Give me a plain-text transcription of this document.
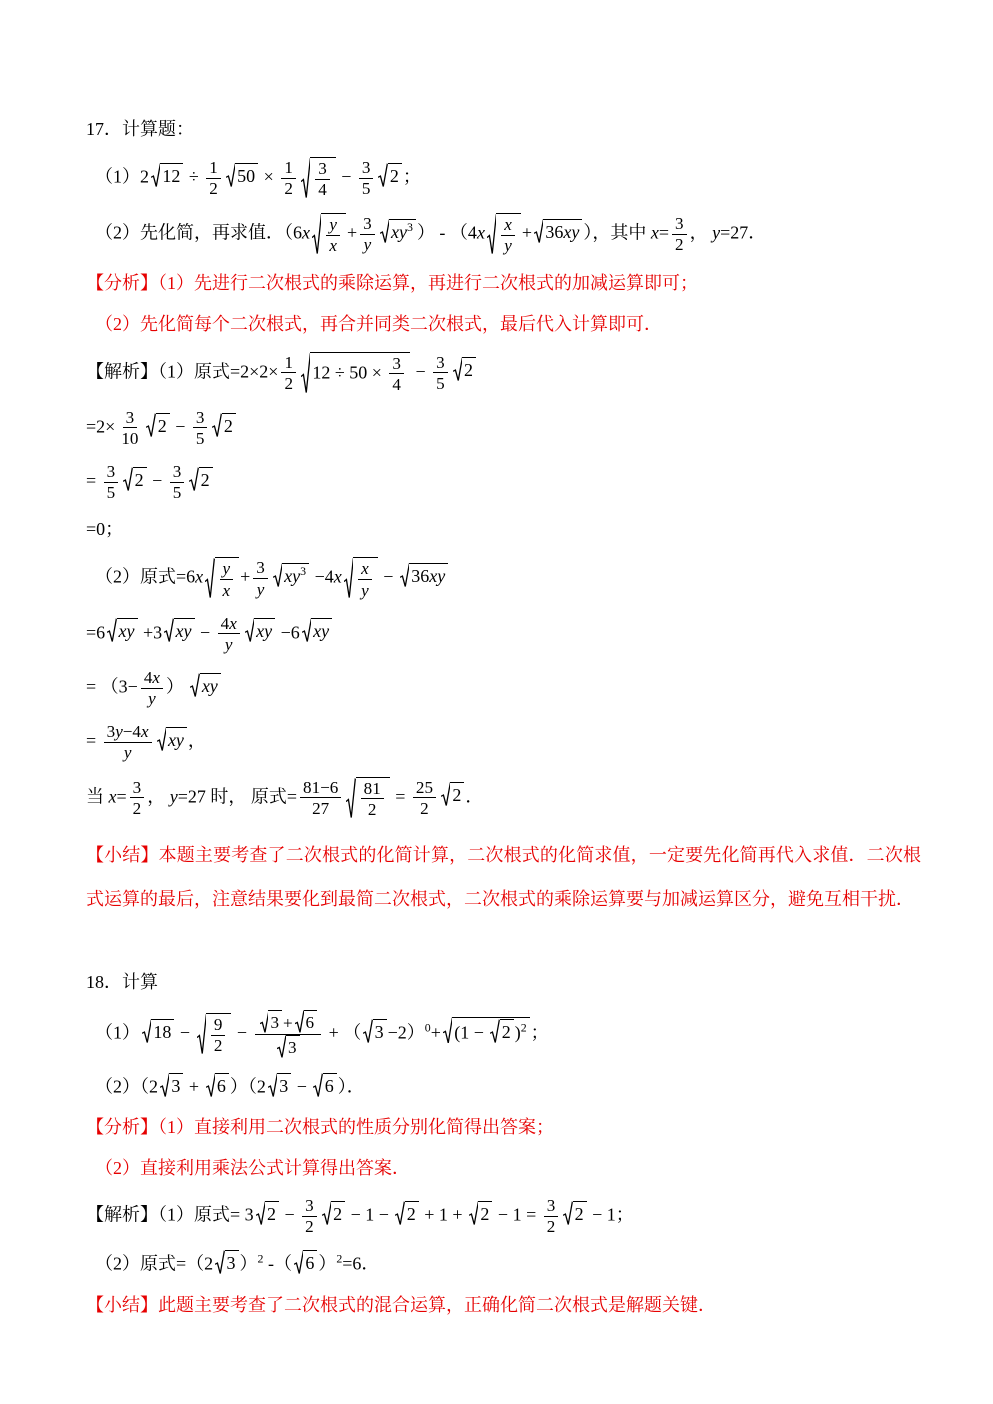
17．计算题：
（1）2 $12 \div \frac{1}{2} 50 \times \frac{1}{2} \frac{3}{4} - \frac{3}{5} 2$ ；
（2）先化简，再求值．（$6x \frac{y}{x} + \frac{3}{y} xy^3$ ） - （$4x \frac{x}{y} + 36xy$ ），其中 $x= \frac{3}{2}$ ， y=27．
【分析】（1）先进行二次根式的乘除运算，再进行二次根式的加减运算即可；
（2）先化简每个二次根式，再合并同类二次根式，最后代入计算即可．
【解析】（1）原式$=2\times 2\times \frac{1}{2} 12 \div 50 \times \frac{3}{4} - \frac{3}{5} 2$
$=2\times \frac{3}{10} 2 - \frac{3}{5} 2$
= $\frac{3}{5} 2 - \frac{3}{5} 2$
=0；
（2）原式$=6x \frac{y}{x} + \frac{3}{y} xy^3 -4x \frac{x}{y} - 36xy$
=6 xy +3 xy − $\frac{4x}{y}$ xy −6 xy
= （$3- \frac{4x}{y}$ ） xy
= $\frac{3y-4x}{y}$ xy ，
当 $x= \frac{3}{2}$ ， y=27 时， 原式= $\frac{81-6}{27} \frac{81}{2} = \frac{25}{2} 2$ ．
【小结】本题主要考查了二次根式的化简计算，二次根式的化简求值，一定要先化简再代入求值．二次根式运算的最后，注意结果要化到最简二次根式，二次根式的乘除运算要与加减运算区分，避免互相干扰．
18．计算
（1） $18 - \frac{9}{2} - \frac{3 + 6}{3}$ + （ 3 −2）$^0$+ (1 − 2 )$^2$ ；
（2）（2 3 + 6 ）（2 3 − 6 ）．
【分析】（1）直接利用二次根式的性质分别化简得出答案；
（2）直接利用乘法公式计算得出答案．
【解析】（1）原式= 3 $2 - \frac{3}{2} 2 - 1 - 2 + 1 + 2 - 1 = \frac{3}{2} 2 - 1$；
（2）原式=（2 3 ）$^2$ -（ 6 ）$^2$=6．
【小结】此题主要考查了二次根式的混合运算，正确化简二次根式是解题关键．
